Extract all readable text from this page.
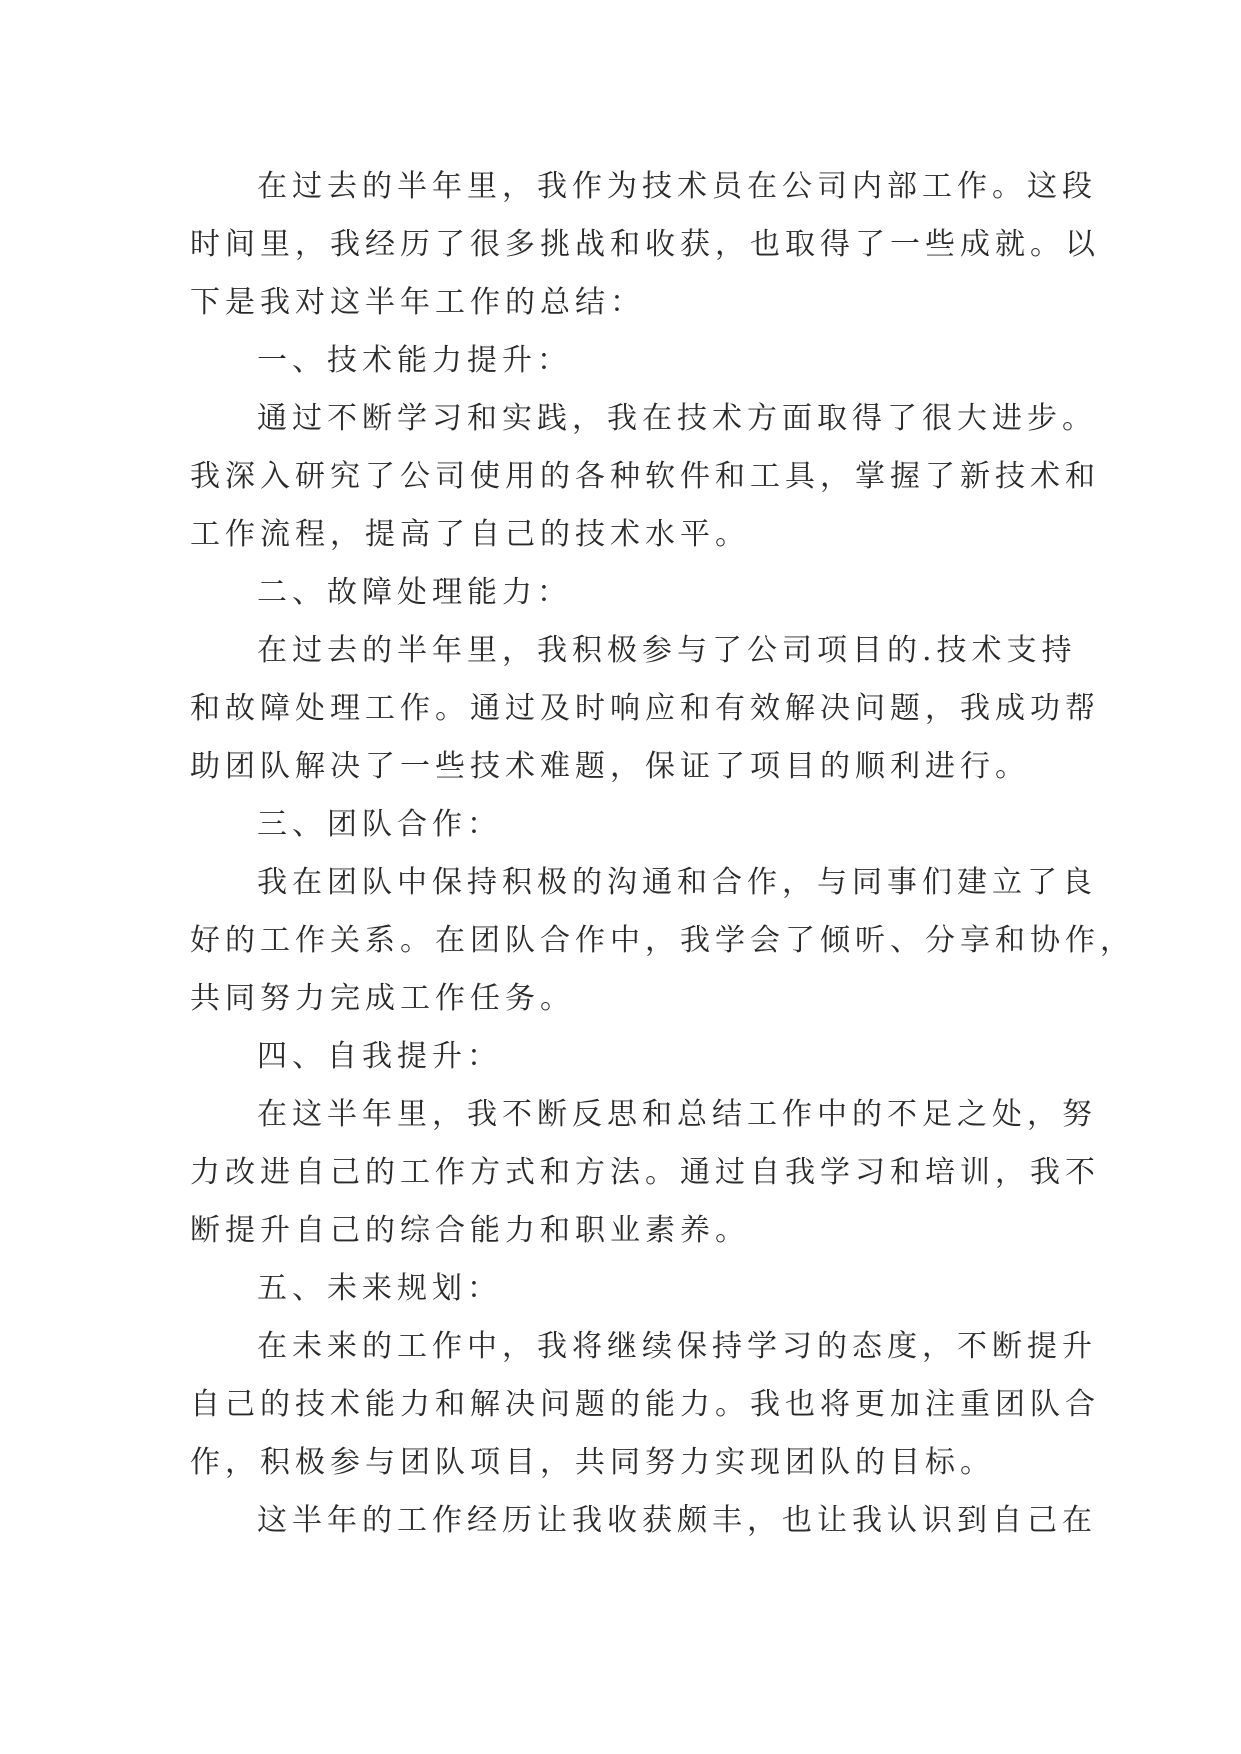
在过去的半年里，我作为技术员在公司内部工作。这段
时间里，我经历了很多挑战和收获，也取得了一些成就。以
下是我对这半年工作的总结：
一、技术能力提升：
通过不断学习和实践，我在技术方面取得了很大进步。
我深入研究了公司使用的各种软件和工具，掌握了新技术和
工作流程，提高了自己的技术水平。
二、故障处理能力：
在过去的半年里，我积极参与了公司项目的.技术支持
和故障处理工作。通过及时响应和有效解决问题，我成功帮
助团队解决了一些技术难题，保证了项目的顺利进行。
三、团队合作：
我在团队中保持积极的沟通和合作，与同事们建立了良
好的工作关系。在团队合作中，我学会了倾听、分享和协作，
共同努力完成工作任务。
四、自我提升：
在这半年里，我不断反思和总结工作中的不足之处，努
力改进自己的工作方式和方法。通过自我学习和培训，我不
断提升自己的综合能力和职业素养。
五、未来规划：
在未来的工作中，我将继续保持学习的态度，不断提升
自己的技术能力和解决问题的能力。我也将更加注重团队合
作，积极参与团队项目，共同努力实现团队的目标。
这半年的工作经历让我收获颇丰，也让我认识到自己在
